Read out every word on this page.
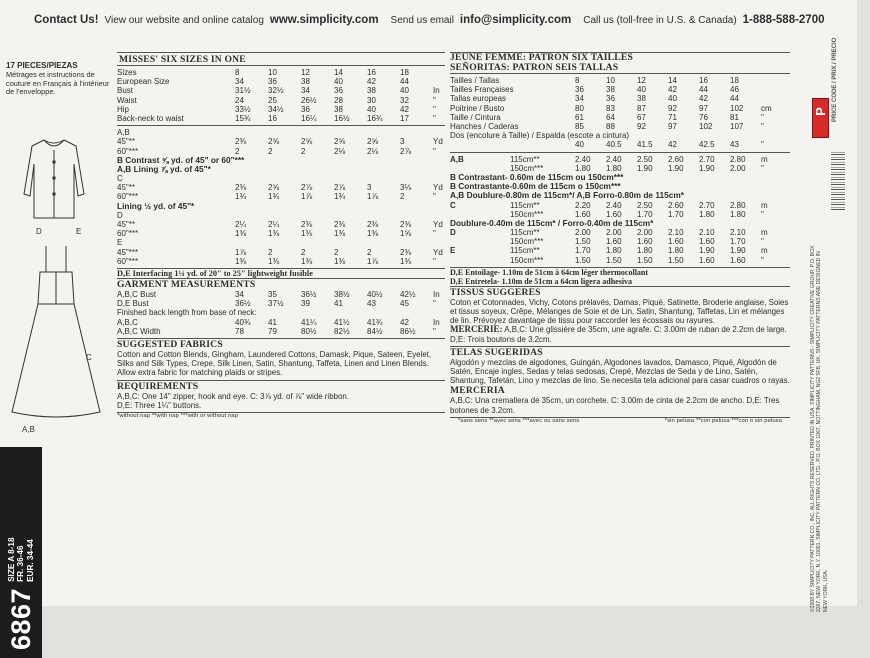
Contact Us! View our website and online catalog www.simplicity.com Send us email info@simplicity.com Call us (toll-free in U.S. & Canada) 1-888-588-2700
17 PIECES/PIEZAS
Métrages et instructions de couture en Français à l'intérieur de l'enveloppe.
D	E
A,B
C
6867
SIZE A 8-18
FR. 36-46
EUR. 34-44
MISSES' SIX SIZES IN ONE
Sizes	8	10	12	14	16	18
European Size	34	36	38	40	42	44
Bust	31½	32½	34	36	38	40	In
Waist	24	25	26½	28	30	32	"
Hip	33½	34½	36	38	40	42	"
Back-neck to waist	15¾	16	16¼	16½	16¾	17	"
A,B
45"**	2⅜	2⅝	2⅝	2⅝	2⅝	3	Yd
60"***	2	2	2	2⅛	2⅛	2⅞	"
B Contrast ⅝ yd. of 45" or 60"***
A,B Lining ⅞ yd. of 45"*
C
45"**	2⅜	2⅝	2⅞	2⅞	3	3⅛	Yd
60"***	1¾	1¾	1⅞	1¾	1⅞	2	"
Lining ½ yd. of 45"*
D
45"**	2¼	2¼	2⅜	2⅜	2⅜	2⅜	Yd
60"***	1⅜	1⅜	1⅜	1⅜	1⅜	1⅝	"
E
45"***	1⅞	2	2	2	2	2⅜	Yd
60"***	1⅜	1⅜	1⅜	1⅜	1⅞	1⅜	"
D,E Interfacing 1¼ yd. of 20" to 25" lightweight fusible
GARMENT MEASUREMENTS
A,B,C Bust	34	35	36½	38½	40½	42½	In
D,E Bust	36½	37½	39	41	43	45	"
Finished back length from base of neck:
A,B,C	40¾	41	41¼	41½	41¾	42	In
A,B,C Width	78	79	80½	82½	84½	86½	"
SUGGESTED FABRICS
Cotton and Cotton Blends, Gingham, Laundered Cottons, Damask, Pique, Sateen, Eyelet, Silks and Silk Types, Crepe, Silk Linen, Satin, Shantung, Taffeta, Linen and Linen Blends. Allow extra fabric for matching plaids or stripes.
REQUIREMENTS
A,B,C: One 14" zipper, hook and eye. C: 3⅞ yd. of ⅞" wide ribbon.
D,E: Three 1¼" buttons.
*without nap **with nap ***with or without nap
JEUNE FEMME: PATRON SIX TAILLES
SEÑORITAS: PATRON SEIS TALLAS
Tailles / Tallas	8	10	12	14	16	18
Tailles Françaises	36	38	40	42	44	46
Tallas europeas	34	36	38	40	42	44
Poitrine / Busto	80	83	87	92	97	102	cm
Taille / Cintura	61	64	67	71	76	81	"
Hanches / Caderas	85	88	92	97	102	107	"
Dos (encolure à Taille) / Espalda (escote a cintura)
40	40.5	41.5	42	42.5	43	"
A,B	115cm**	2.40	2.40	2.50	2.60	2.70	2.80	m
150cm***	1.80	1.80	1.90	1.90	1.90	2.00	"
B Contrastant- 0.60m de 115cm ou 150cm***
B Contrastante-0.60m de 115cm o 150cm***
A,B Doublure-0.80m de 115cm*/ A,B Forro-0.80m de 115cm*
C	115cm**	2.20	2.40	2.50	2.60	2.70	2.80	m
150cm***	1.60	1.60	1.70	1.70	1.80	1.80	"
Doublure-0.40m de 115cm* / Forro-0.40m de 115cm*
D	115cm**	2.00	2.00	2.00	2.10	2.10	2.10	m
150cm***	1.50	1.60	1.60	1.60	1.60	1.70	"
E	115cm**	1.70	1.80	1.80	1.80	1.90	1.90	m
150cm***	1.50	1.50	1.50	1.50	1.60	1.60	"
D,E Entoilage- 1.10m de 51cm à 64cm léger thermocollant
D,E Entretela- 1.10m de 51cm a 64cm ligera adhesiva
TISSUS SUGGERES
Coton et Cotonnades, Vichy, Cotons prélavés, Damas, Piqué, Satinette, Broderie anglaise, Soies et tissus soyeux, Crêpe, Mélanges de Soie et de Lin, Satin, Shantung, Taffetas, Lin et mélanges de lin. Prévoyez davantage de tissu pour raccorder les écossais ou rayures.
MERCERIE: A,B,C: Une glissière de 35cm, une agrafe. C: 3.00m de ruban de 2.2cm de large. D,E: Trois boutons de 3.2cm.
TELAS SUGERIDAS
Algodón y mezclas de algodones, Guingán, Algodones lavados, Damasco, Piqué, Algodón de Satén, Encaje ingles, Sedas y telas sedosas, Crepé, Mezclas de Seda y de Lino, Satén, Shantung, Tafetán, Lino y mezclas de lino. Se necesita tela adicional para casar cuadros o rayas.
MERCERIA
A,B,C: Una cremallera de 35cm, un corchete. C: 3.00m de cinta de 2.2cm de ancho. D,E: Tres botones de 3.2cm.
*sans sens **avec sens ***avec ou sans sens	*sin pelusa **con pelusa ***con o sin pelusa	©2008 BY SIMPLICITY PATTERN CO., INC. ALL RIGHTS RESERVED. PRINTED IN USA. SIMPLICITY PATTERNS - SIMPLICITY CREATIVE GROUP, P.O. BOX 2267, NEW YORK, N.Y. 10001. SIMPLICITY PATTERN CO. LTD., P.O. BOX 1067, NOTTINGHAM, NG2 5FB, UK. SIMPLICITY PATTERNS ARE DESIGNED IN NEW YORK, USA.
P PRICE CODE / PRIX / PRECIO
